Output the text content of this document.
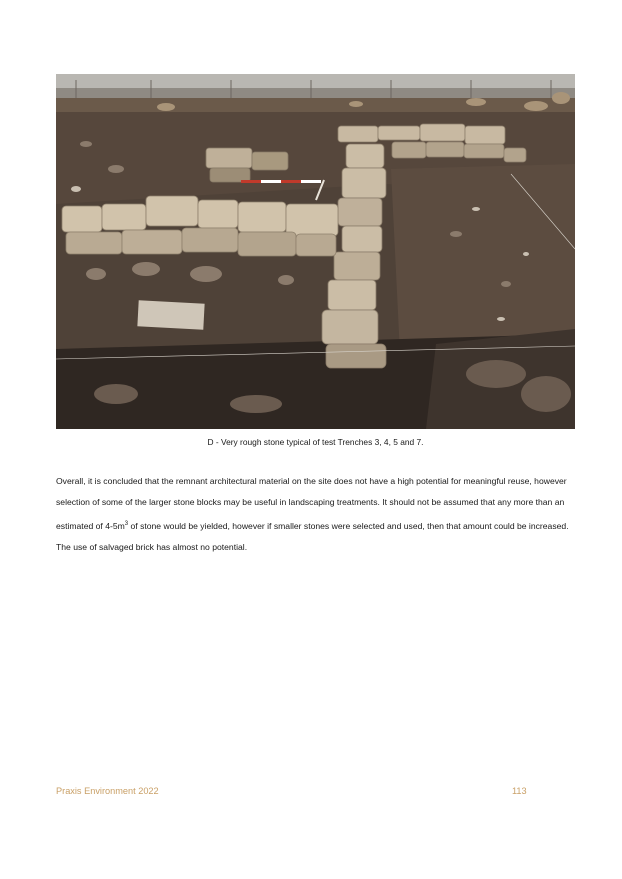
D - Very rough stone typical of test Trenches 3, 4, 5 and 7.

Overall, it is concluded that the remnant architectural material on the site does not have a high potential for meaningful reuse, however selection of some of the larger stone blocks may be useful in landscaping treatments. It should not be assumed that any more than an estimated of $4-5m^3$ of stone would be yielded, however if smaller stones were selected and used, then that amount could be increased. The use of salvaged brick has almost no potential.

Praxis Environment 2022	113
